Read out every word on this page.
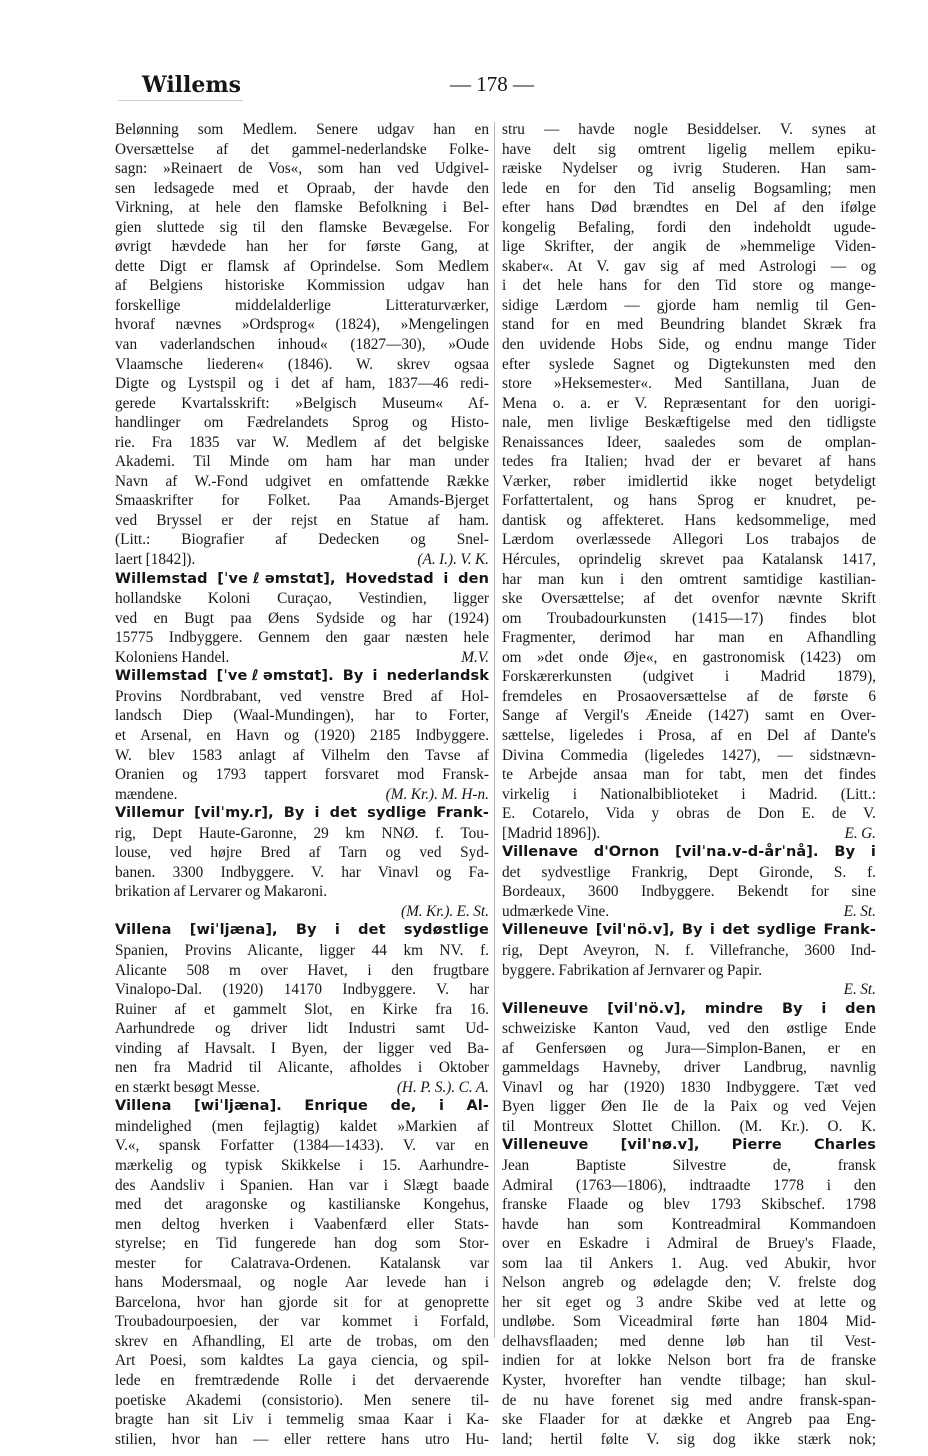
Willems	— 178 —

Belønning som Medlem. Senere udgav han en
Oversættelse af det gammel-nederlandske Folke-
sagn: »Reinaert de Vos«, som han ved Udgivel-
sen ledsagede med et Opraab, der havde den
Virkning, at hele den flamske Befolkning i Bel-
gien sluttede sig til den flamske Bevægelse. For
øvrigt hævdede han her for første Gang, at
dette Digt er flamsk af Oprindelse. Som Medlem
af Belgiens historiske Kommission udgav han
forskellige middelalderlige Litteraturværker,
hvoraf nævnes »Ordsprog« (1824), »Mengelingen
van vaderlandschen inhoud« (1827—30), »Oude
Vlaamsche liederen« (1846). W. skrev ogsaa
Digte og Lystspil og i det af ham, 1837—46 redi-
gerede Kvartalsskrift: »Belgisch Museum« Af-
handlinger om Fædrelandets Sprog og Histo-
rie. Fra 1835 var W. Medlem af det belgiske
Akademi. Til Minde om ham har man under
Navn af W.-Fond udgivet en omfattende Række
Smaaskrifter for Folket. Paa Amands-Bjerget
ved Bryssel er der rejst en Statue af ham.
(Litt.: Biografier af Dedecken og Snel-
laert [1842]).	(A. I.). V. K.

Willemstad [ˈveℓəmstɑt], Hovedstad i den
hollandske Koloni Curaçao, Vestindien, ligger
ved en Bugt paa Øens Sydside og har (1924)
15775 Indbyggere. Gennem den gaar næsten hele
Koloniens Handel.	M.V.

Willemstad [ˈveℓəmstɑt]. By i nederlandsk
Provins Nordbrabant, ved venstre Bred af Hol-
landsch Diep (Waal-Mundingen), har to Forter,
et Arsenal, en Havn og (1920) 2185 Indbyggere.
W. blev 1583 anlagt af Vilhelm den Tavse af
Oranien og 1793 tappert forsvaret mod Fransk-
mændene.	(M. Kr.). M. H-n.

Villemur [vilˈmy.r], By i det sydlige Frank-
rig, Dept Haute-Garonne, 29 km NNØ. f. Tou-
louse, ved højre Bred af Tarn og ved Syd-
banen. 3300 Indbyggere. V. har Vinavl og Fa-
brikation af Lervarer og Makaroni.
(M. Kr.). E. St.

Villena [wiˈljæna], By i det sydøstlige
Spanien, Provins Alicante, ligger 44 km NV. f.
Alicante 508 m over Havet, i den frugtbare
Vinalopo-Dal. (1920) 14170 Indbyggere. V. har
Ruiner af et gammelt Slot, en Kirke fra 16.
Aarhundrede og driver lidt Industri samt Ud-
vinding af Havsalt. I Byen, der ligger ved Ba-
nen fra Madrid til Alicante, afholdes i Oktober
en stærkt besøgt Messe.	(H. P. S.). C. A.

Villena [wiˈljæna]. Enrique de, i Al-
mindelighed (men fejlagtig) kaldet »Markien af
V.«, spansk Forfatter (1384—1433). V. var en
mærkelig og typisk Skikkelse i 15. Aarhundre-
des Aandsliv i Spanien. Han var i Slægt baade
med det aragonske og kastilianske Kongehus,
men deltog hverken i Vaabenfærd eller Stats-
styrelse; en Tid fungerede han dog som Stor-
mester for Calatrava-Ordenen. Katalansk var
hans Modersmaal, og nogle Aar levede han i
Barcelona, hvor han gjorde sit for at genoprette
Troubadourpoesien, der var kommet i Forfald,
skrev en Afhandling, El arte de trobas, om den
Art Poesi, som kaldtes La gaya ciencia, og spil-
lede en fremtrædende Rolle i det dervaerende
poetiske Akademi (consistorio). Men senere til-
bragte han sit Liv i temmelig smaa Kaar i Ka-
stilien, hvor han — eller rettere hans utro Hu-

stru — havde nogle Besiddelser. V. synes at
have delt sig omtrent ligelig mellem epiku-
ræiske Nydelser og ivrig Studeren. Han sam-
lede en for den Tid anselig Bogsamling; men
efter hans Død brændtes en Del af den ifølge
kongelig Befaling, fordi den indeholdt ugude-
lige Skrifter, der angik de »hemmelige Viden-
skaber«. At V. gav sig af med Astrologi — og
i det hele hans for den Tid store og mange-
sidige Lærdom — gjorde ham nemlig til Gen-
stand for en med Beundring blandet Skræk fra
den uvidende Hobs Side, og endnu mange Tider
efter syslede Sagnet og Digtekunsten med den
store »Heksemester«. Med Santillana, Juan de
Mena o. a. er V. Repræsentant for den uorigi-
nale, men livlige Beskæftigelse med den tidligste
Renaissances Ideer, saaledes som de omplan-
tedes fra Italien; hvad der er bevaret af hans
Værker, røber imidlertid ikke noget betydeligt
Forfattertalent, og hans Sprog er knudret, pe-
dantisk og affekteret. Hans kedsommelige, med
Lærdom overlæssede Allegori Los trabajos de
Hércules, oprindelig skrevet paa Katalansk 1417,
har man kun i den omtrent samtidige kastilian-
ske Oversættelse; af det ovenfor nævnte Skrift
om Troubadourkunsten (1415—17) findes blot
Fragmenter, derimod har man en Afhandling
om »det onde Øje«, en gastronomisk (1423) om
Forskærerkunsten (udgivet i Madrid 1879),
fremdeles en Prosaoversættelse af de første 6
Sange af Vergil's Æneide (1427) samt en Over-
sættelse, ligeledes i Prosa, af en Del af Dante's
Divina Commedia (ligeledes 1427), — sidstnævn-
te Arbejde ansaa man for tabt, men det findes
virkelig i Nationalbiblioteket i Madrid. (Litt.:
E. Cotarelo, Vida y obras de Don E. de V.
[Madrid 1896]).	E. G.

Villenave d'Ornon [vilˈna.v-d-årˈnå]. By i
det sydvestlige Frankrig, Dept Gironde, S. f.
Bordeaux, 3600 Indbyggere. Bekendt for sine
udmærkede Vine.	E. St.

Villeneuve [vilˈnö.v], By i det sydlige Frank-
rig, Dept Aveyron, N. f. Villefranche, 3600 Ind-
byggere. Fabrikation af Jernvarer og Papir.
E. St.

Villeneuve [vilˈnö.v], mindre By i den
schweiziske Kanton Vaud, ved den østlige Ende
af Genfersøen og Jura—Simplon-Banen, er en
gammeldags Havneby, driver Landbrug, navnlig
Vinavl og har (1920) 1830 Indbyggere. Tæt ved
Byen ligger Øen Ile de la Paix og ved Vejen
til Montreux Slottet Chillon. (M. Kr.). O. K.

Villeneuve [vilˈnø.v], Pierre Charles
Jean Baptiste Silvestre de, fransk
Admiral (1763—1806), indtraadte 1778 i den
franske Flaade og blev 1793 Skibschef. 1798
havde han som Kontreadmiral Kommandoen
over en Eskadre i Admiral de Bruey's Flaade,
som laa til Ankers 1. Aug. ved Abukir, hvor
Nelson angreb og ødelagde den; V. frelste dog
her sit eget og 3 andre Skibe ved at lette og
undløbe. Som Viceadmiral førte han 1804 Mid-
delhavsflaaden; med denne løb han til Vest-
indien for at lokke Nelson bort fra de franske
Kyster, hvorefter han vendte tilbage; han skul-
de nu have forenet sig med andre fransk-span-
ske Flaader for at dække et Angreb paa Eng-
land; hertil følte V. sig dog ikke stærk nok;
